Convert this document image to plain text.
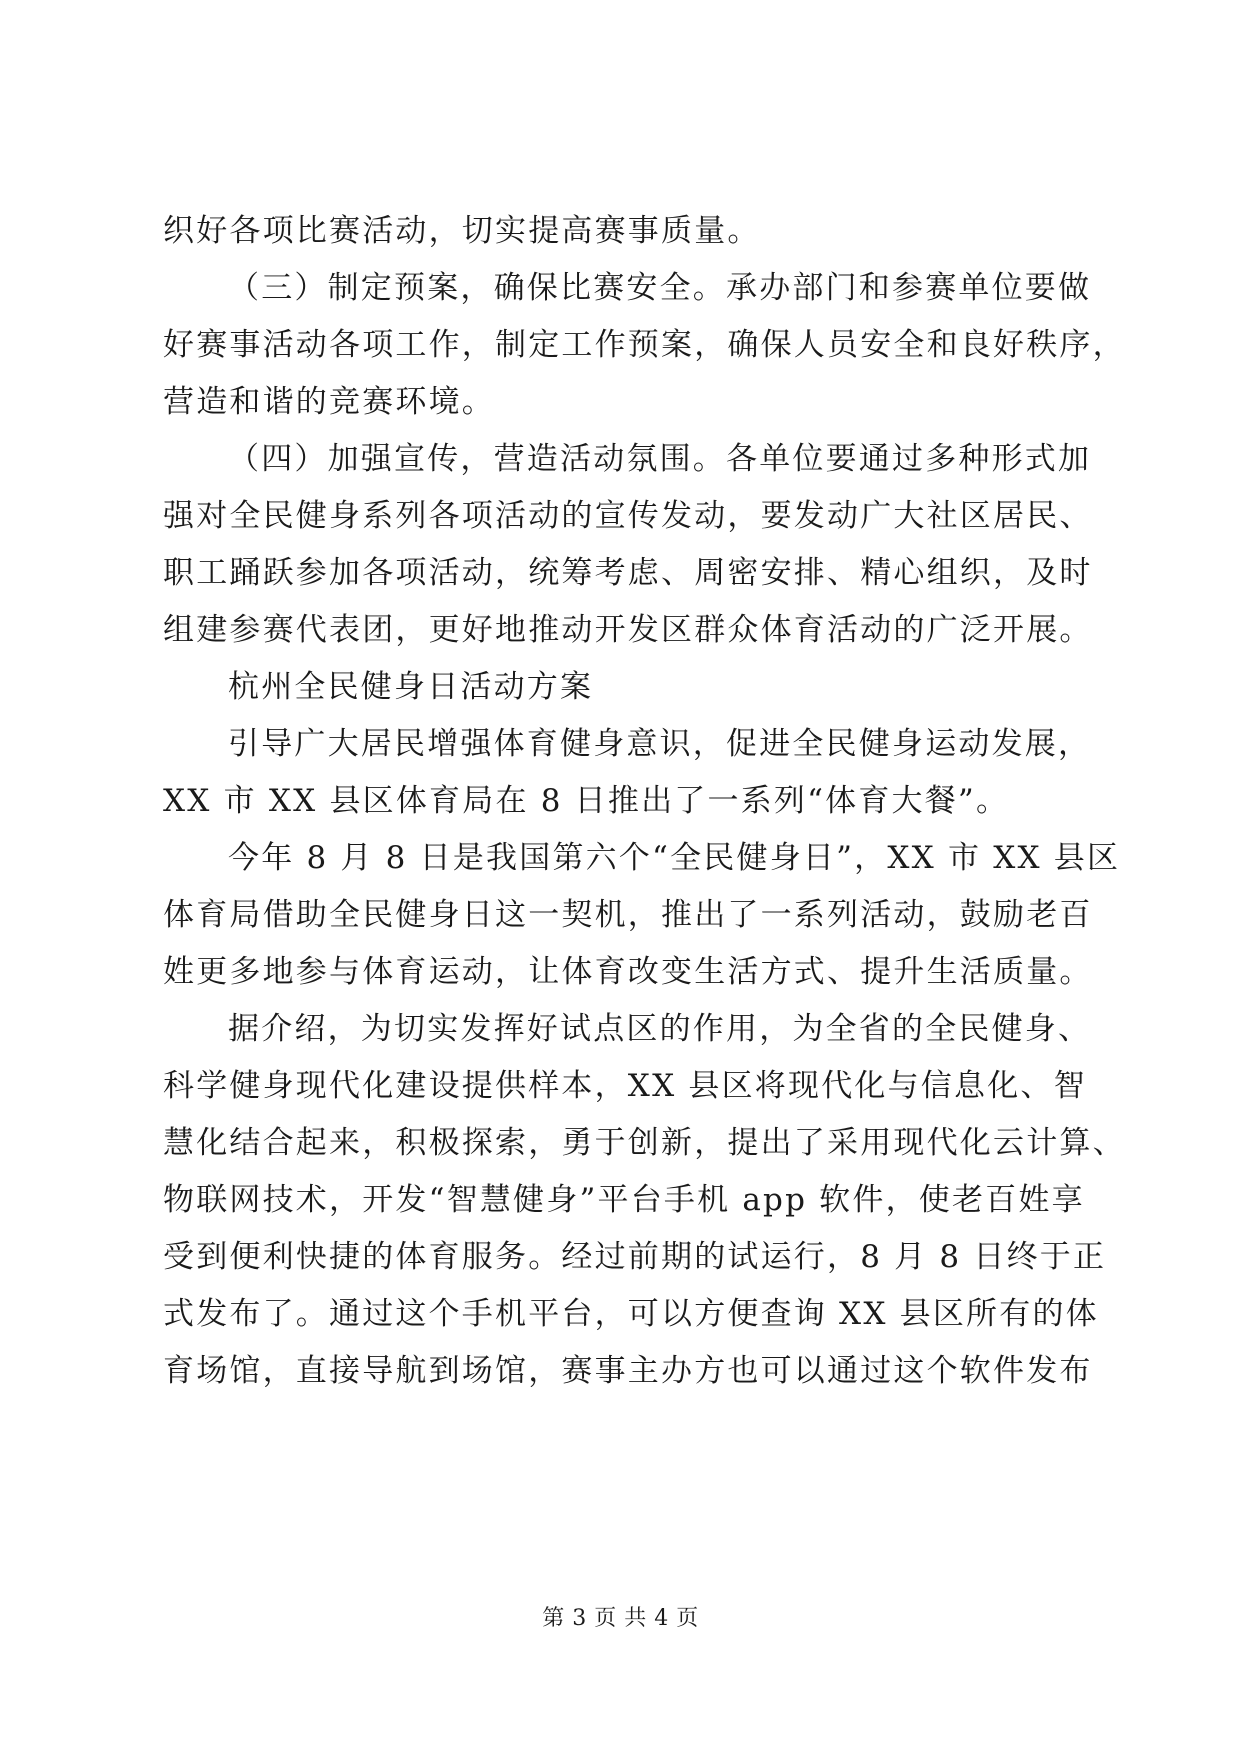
织好各项比赛活动，切实提高赛事质量。

（三）制定预案，确保比赛安全。承办部门和参赛单位要做

好赛事活动各项工作，制定工作预案，确保人员安全和良好秩序，

营造和谐的竞赛环境。

（四）加强宣传，营造活动氛围。各单位要通过多种形式加

强对全民健身系列各项活动的宣传发动，要发动广大社区居民、

职工踊跃参加各项活动，统筹考虑、周密安排、精心组织，及时

组建参赛代表团，更好地推动开发区群众体育活动的广泛开展。

杭州全民健身日活动方案

引导广大居民增强体育健身意识，促进全民健身运动发展，

XX 市 XX 县区体育局在 8 日推出了一系列“体育大餐”。

今年 8 月 8 日是我国第六个“全民健身日”，XX 市 XX 县区

体育局借助全民健身日这一契机，推出了一系列活动，鼓励老百

姓更多地参与体育运动，让体育改变生活方式、提升生活质量。

据介绍，为切实发挥好试点区的作用，为全省的全民健身、

科学健身现代化建设提供样本，XX 县区将现代化与信息化、智

慧化结合起来，积极探索，勇于创新，提出了采用现代化云计算、

物联网技术，开发“智慧健身”平台手机 app 软件，使老百姓享

受到便利快捷的体育服务。经过前期的试运行，8 月 8 日终于正

式发布了。通过这个手机平台，可以方便查询 XX 县区所有的体

育场馆，直接导航到场馆，赛事主办方也可以通过这个软件发布

第 3 页 共 4 页
